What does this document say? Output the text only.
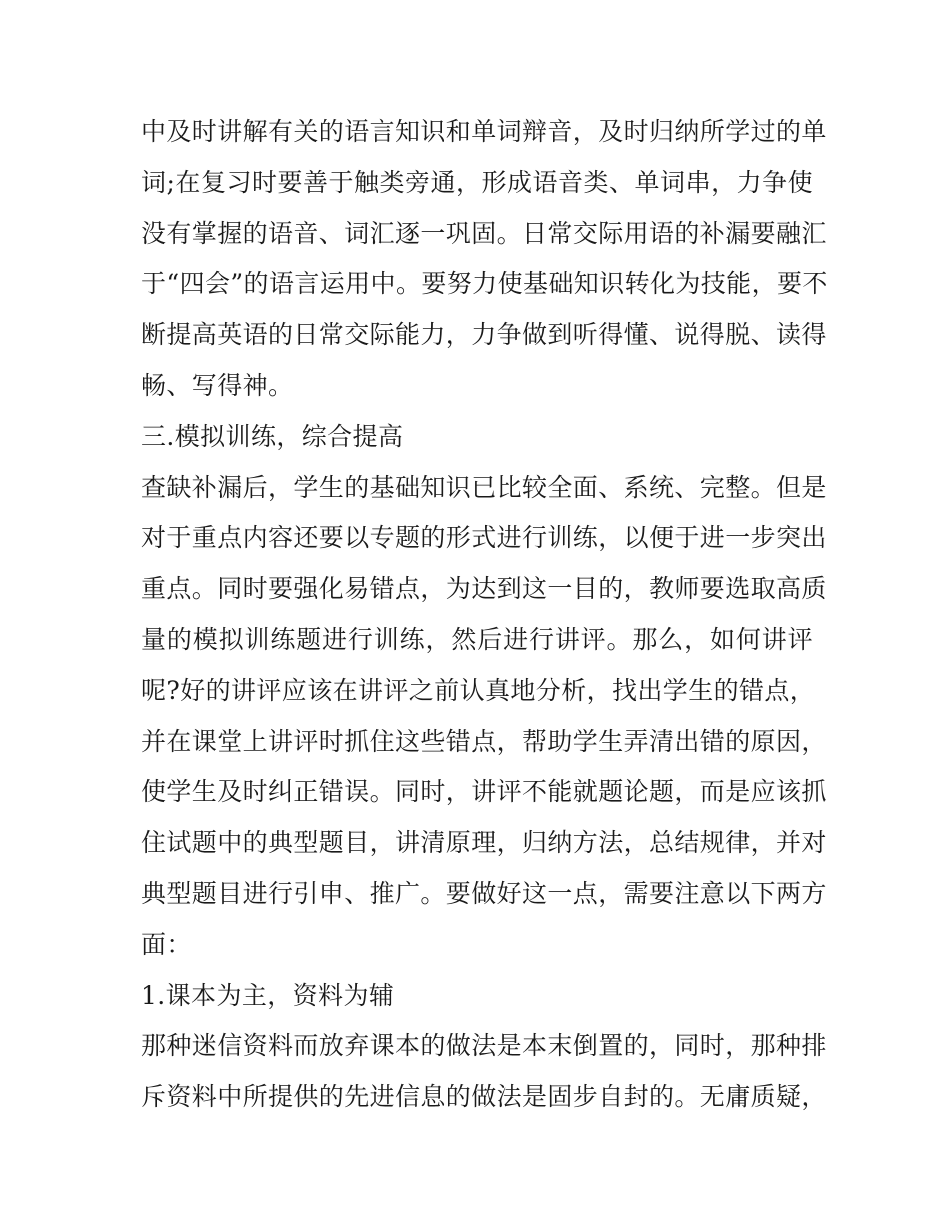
中及时讲解有关的语言知识和单词辩音，及时归纳所学过的单
词;在复习时要善于触类旁通，形成语音类、单词串，力争使
没有掌握的语音、词汇逐一巩固。日常交际用语的补漏要融汇
于“四会”的语言运用中。要努力使基础知识转化为技能，要不
断提高英语的日常交际能力，力争做到听得懂、说得脱、读得
畅、写得神。
三.模拟训练，综合提高
查缺补漏后，学生的基础知识已比较全面、系统、完整。但是
对于重点内容还要以专题的形式进行训练，以便于进一步突出
重点。同时要强化易错点，为达到这一目的，教师要选取高质
量的模拟训练题进行训练，然后进行讲评。那么，如何讲评
呢?好的讲评应该在讲评之前认真地分析，找出学生的错点，
并在课堂上讲评时抓住这些错点，帮助学生弄清出错的原因，
使学生及时纠正错误。同时，讲评不能就题论题，而是应该抓
住试题中的典型题目，讲清原理，归纳方法，总结规律，并对
典型题目进行引申、推广。要做好这一点，需要注意以下两方
面：
1.课本为主，资料为辅
那种迷信资料而放弃课本的做法是本末倒置的，同时，那种排
斥资料中所提供的先进信息的做法是固步自封的。无庸质疑，
